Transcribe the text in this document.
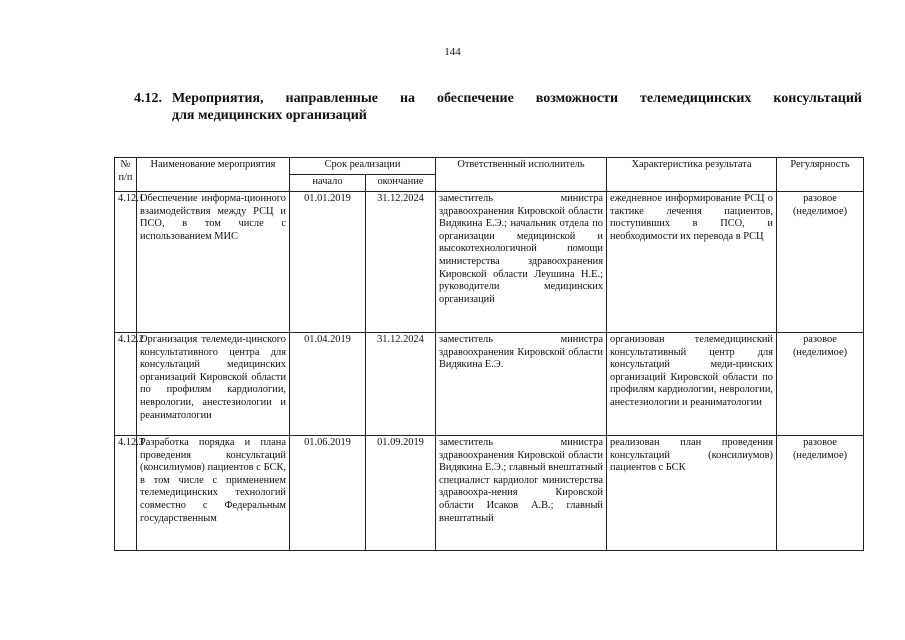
144
4.12. Мероприятия, направленные на обеспечение возможности телемедицинских консультаций
для медицинских организаций
№
п/п	Наименование мероприятия	Срок реализации		Ответственный исполнитель	Характеристика результата	Регулярность
		начало	окончание			
4.12.1	Обеспечение информа-ционного взаимодействия между РСЦ и ПСО, в том числе с использованием МИС	01.01.2019	31.12.2024	заместитель министра здравоохранения Кировской области Видякина Е.Э.; начальник отдела по организации медицинской и высокотехнологичной помощи министерства здравоохранения Кировской области Леушина Н.Е.; руководители медицинских организаций	ежедневное информирование РСЦ о тактике лечения пациентов, поступивших в ПСО, и необходимости их перевода в РСЦ	разовое (неделимое)

4.12.2	Организация телемеди-цинского консультативного центра для консультаций медицинских организаций Кировской области по профилям кардиологии, неврологии, анестезиологии и реаниматологии	01.04.2019	31.12.2024	заместитель министра здравоохранения Кировской области Видякина Е.Э.	организован телемедицинский консультативный центр для консультаций меди-цинских организаций Кировской области по профилям кардиологии, неврологии, анестезиологии и реаниматологии	разовое (неделимое)

4.12.3	Разработка порядка и плана проведения консультаций (консилиумов) пациентов с БСК, в том числе с применением телемедицинских технологий совместно с Федеральным государственным	01.06.2019	01.09.2019	заместитель министра здравоохранения Кировской области Видякина Е.Э.; главный внештатный специалист кардиолог министерства здравоохра-нения Кировской области Исаков А.В.; главный внештатный	реализован план проведения консультаций (консилиумов) пациентов с БСК	разовое (неделимое)
